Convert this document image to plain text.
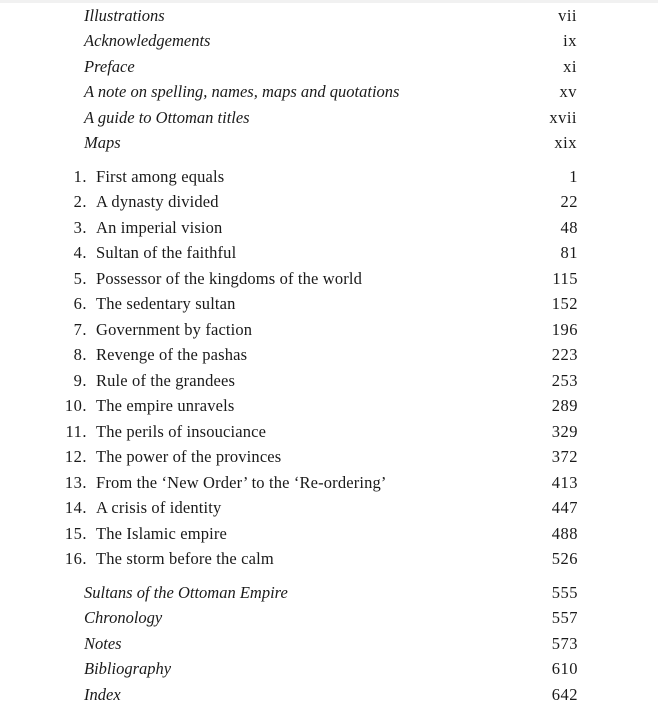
Illustrations	vii
Acknowledgements	ix
Preface	xi
A note on spelling, names, maps and quotations	xv
A guide to Ottoman titles	xvii
Maps	xix
1. First among equals	1
2. A dynasty divided	22
3. An imperial vision	48
4. Sultan of the faithful	81
5. Possessor of the kingdoms of the world	115
6. The sedentary sultan	152
7. Government by faction	196
8. Revenge of the pashas	223
9. Rule of the grandees	253
10. The empire unravels	289
11. The perils of insouciance	329
12. The power of the provinces	372
13. From the ‘New Order’ to the ‘Re-ordering’	413
14. A crisis of identity	447
15. The Islamic empire	488
16. The storm before the calm	526
Sultans of the Ottoman Empire	555
Chronology	557
Notes	573
Bibliography	610
Index	642
